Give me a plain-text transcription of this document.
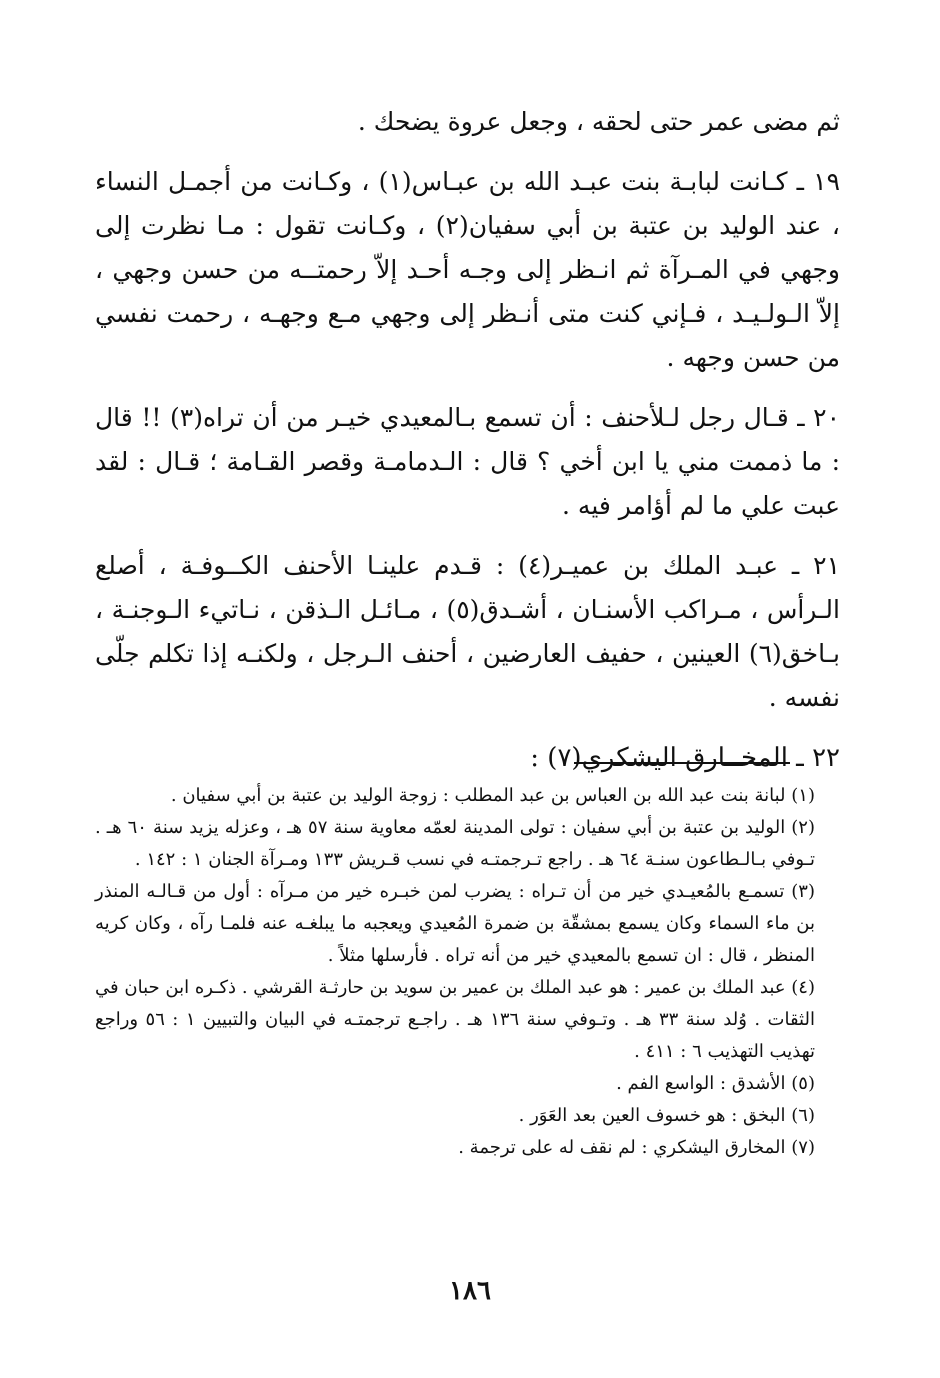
ثم مضى عمر حتى لحقه ، وجعل عروة يضحك .

١٩ ـ كـانت لبابـة بنت عبـد الله بن عبـاس(١) ، وكـانت من أجمـل النساء ، عند الوليد بن عتبة بن أبي سفيان(٢) ، وكـانت تقول : مـا نظرت إلى وجهي في المـرآة ثم انـظر إلى وجـه أحـد إلاّ رحمتــه من حسن وجهي ، إلاّ الـولـيـد ، فـإني كنت متى أنـظر إلى وجهي مـع وجهـه ، رحمت نفسي من حسن وجهه .

٢٠ ـ قـال رجل لـلأحنف : أن تسمع بـالمعيدي خيـر من أن تراه(٣) !! قال : ما ذممت مني يا ابن أخي ؟ قال : الـدمامـة وقصر القـامة ؛ قـال : لقد عبت علي ما لم أؤامر فيه .

٢١ ـ عبـد الملك بن عميـر(٤) : قـدم علينـا الأحنف الكــوفـة ، أصلع الـرأس ، مـراكب الأسنـان ، أشـدق(٥) ، مـائـل الـذقن ، نـاتيء الـوجنـة ، بـاخق(٦) العينين ، حفيف العارضين ، أحنف الـرجل ، ولكنـه إذا تكلم جلّى نفسه .

٢٢ ـ المخــارق اليشكري(٧) :

(١) لبانة بنت عبد الله بن العباس بن عبد المطلب : زوجة الوليد بن عتبة بن أبي سفيان .

(٢) الوليد بن عتبة بن أبي سفيان : تولى المدينة لعمّه معاوية سنة ٥٧ هـ ، وعزله يزيد سنة ٦٠ هـ . تـوفي بـالـطاعون سنـة ٦٤ هـ . راجع تـرجمتـه في نسب قـريش ١٣٣ ومـرآة الجنان ١ : ١٤٢ .

(٣) تسمـع بالمُعيـدي خير من أن تـراه : يضرب لمن خبـره خير من مـرآه : أول من قـالـه المنذر بن ماء السماء وكان يسمع بمشقّة بن ضمرة المُعيدي ويعجبه ما يبلغـه عنه فلمـا رآه ، وكان كريه المنظر ، قال : ان تسمع بالمعيدي خير من أنه تراه . فأرسلها مثلاً .

(٤) عبد الملك بن عمير : هو عبد الملك بن عمير بن سويد بن حارثـة القرشي . ذكـره ابن حبان في الثقات . وُلد سنة ٣٣ هـ . وتـوفي سنة ١٣٦ هـ . راجـع ترجمتـه في البيان والتبيين ١ : ٥٦ وراجع تهذيب التهذيب ٦ : ٤١١ .

(٥) الأشدق : الواسع الفم .

(٦) البخق : هو خسوف العين بعد العَوَر .

(٧) المخارق اليشكري : لم نقف له على ترجمة .

١٨٦
